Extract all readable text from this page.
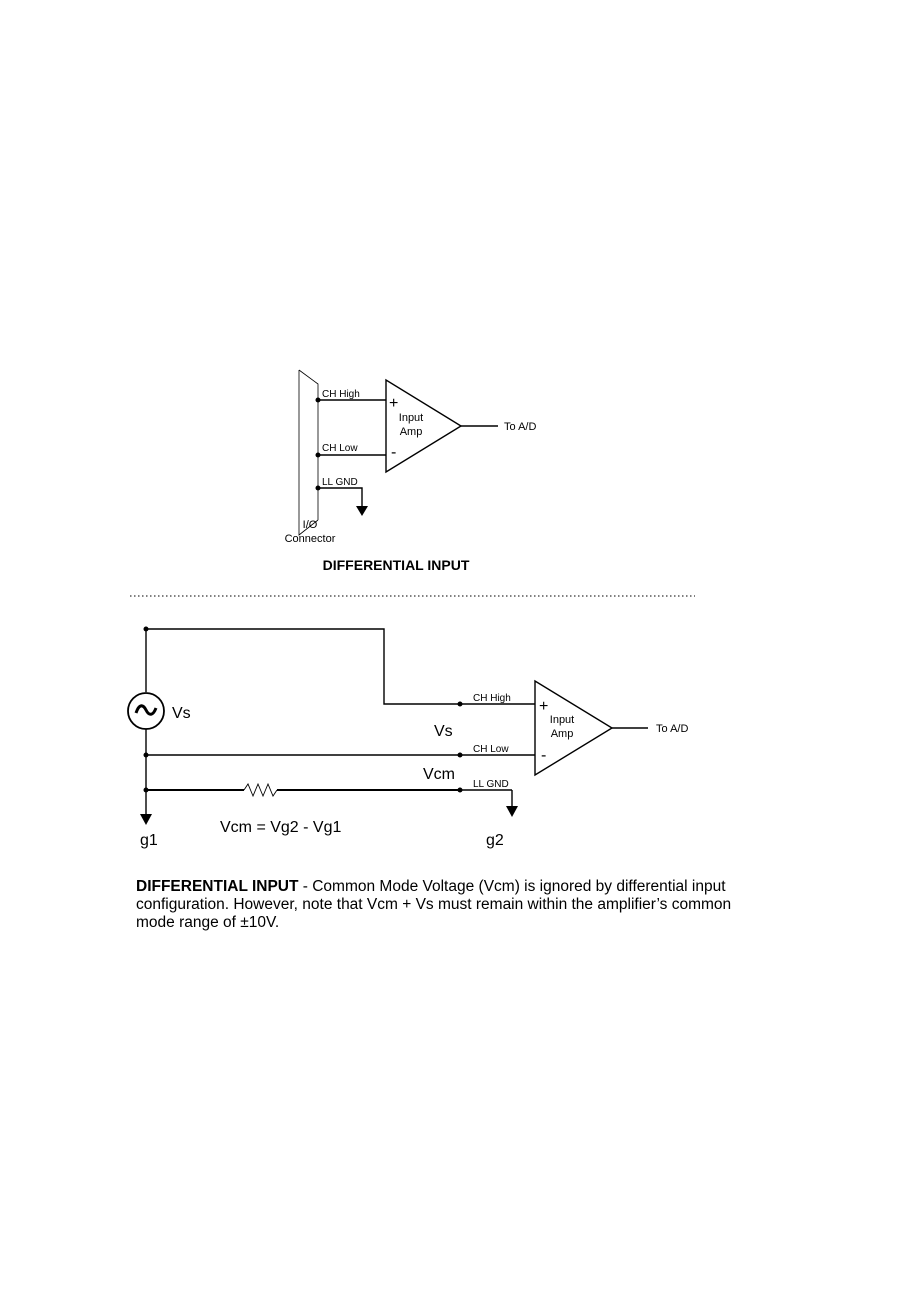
CH High
CH Low
LL GND
+
-
Input
Amp	To A/D
I/O
Connector
DIFFERENTIAL INPUT
Vs
g1	g2
CH High
CH Low
LL GND
Vs
Vcm
Vcm = Vg2 - Vg1
+
-
Input
Amp	To A/D
DIFFERENTIAL INPUT - Common Mode Voltage (Vcm) is ignored by differential input configuration. However, note that Vcm + Vs must remain within the amplifier’s common mode range of ±10V.
